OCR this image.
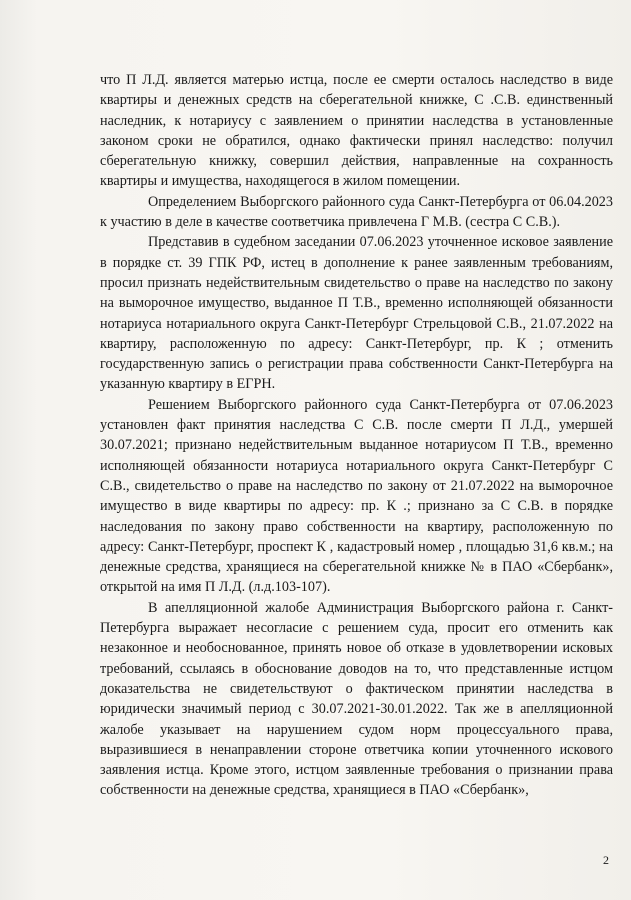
что П Л.Д. является матерью истца, после ее смерти осталось наследство в виде квартиры и денежных средств на сберегательной книжке, С .С.В. единственный наследник, к нотариусу с заявлением о принятии наследства в установленные законом сроки не обратился, однако фактически принял наследство: получил сберегательную книжку, совершил действия, направленные на сохранность квартиры и имущества, находящегося в жилом помещении.

Определением Выборгского районного суда Санкт-Петербурга от 06.04.2023 к участию в деле в качестве соответчика привлечена Г М.В. (сестра С С.В.).

Представив в судебном заседании 07.06.2023 уточненное исковое заявление в порядке ст. 39 ГПК РФ, истец в дополнение к ранее заявленным требованиям, просил признать недействительным свидетельство о праве на наследство по закону на выморочное имущество, выданное П Т.В., временно исполняющей обязанности нотариуса нотариального округа Санкт-Петербург Стрельцовой С.В., 21.07.2022 на квартиру, расположенную по адресу: Санкт-Петербург, пр. К ; отменить государственную запись о регистрации права собственности Санкт-Петербурга на указанную квартиру в ЕГРН.

Решением Выборгского районного суда Санкт-Петербурга от 07.06.2023 установлен факт принятия наследства С С.В. после смерти П Л.Д., умершей 30.07.2021; признано недействительным выданное нотариусом П Т.В., временно исполняющей обязанности нотариуса нотариального округа Санкт-Петербург С С.В., свидетельство о праве на наследство по закону от 21.07.2022 на выморочное имущество в виде квартиры по адресу: пр. К .; признано за С С.В. в порядке наследования по закону право собственности на квартиру, расположенную по адресу: Санкт-Петербург, проспект К , кадастровый номер , площадью 31,6 кв.м.; на денежные средства, хранящиеся на сберегательной книжке № в ПАО «Сбербанк», открытой на имя П Л.Д. (л.д.103-107).

В апелляционной жалобе Администрация Выборгского района г. Санкт-Петербурга выражает несогласие с решением суда, просит его отменить как незаконное и необоснованное, принять новое об отказе в удовлетворении исковых требований, ссылаясь в обоснование доводов на то, что представленные истцом доказательства не свидетельствуют о фактическом принятии наследства в юридически значимый период с 30.07.2021-30.01.2022. Так же в апелляционной жалобе указывает на нарушением судом норм процессуального права, выразившиеся в ненаправлении стороне ответчика копии уточненного искового заявления истца. Кроме этого, истцом заявленные требования о признании права собственности на денежные средства, хранящиеся в ПАО «Сбербанк»,

2
